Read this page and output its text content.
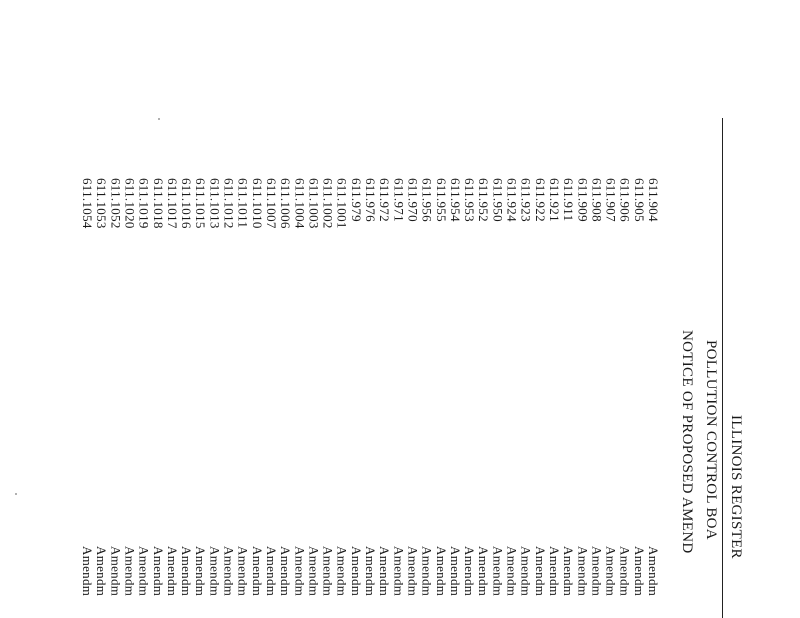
ILLINOIS REGISTER
POLLUTION CONTROL BOA
NOTICE OF PROPOSED AMEND
611.904
Amendm
611.905
Amendm
611.906
Amendm
611.907
Amendm
611.908
Amendm
611.909
Amendm
611.911
Amendm
611.921
Amendm
611.922
Amendm
611.923
Amendm
611.924
Amendm
611.950
Amendm
611.952
Amendm
611.953
Amendm
611.954
Amendm
611.955
Amendm
611.956
Amendm
611.970
Amendm
611.971
Amendm
611.972
Amendm
611.976
Amendm
611.979
Amendm
611.1001
Amendm
611.1002
Amendm
611.1003
Amendm
611.1004
Amendm
611.1006
Amendm
611.1007
Amendm
611.1010
Amendm
611.1011
Amendm
611.1012
Amendm
611.1013
Amendm
611.1015
Amendm
611.1016
Amendm
611.1017
Amendm
611.1018
Amendm
611.1019
Amendm
611.1020
Amendm
611.1052
Amendm
611.1053
Amendm
611.1054
Amendm
